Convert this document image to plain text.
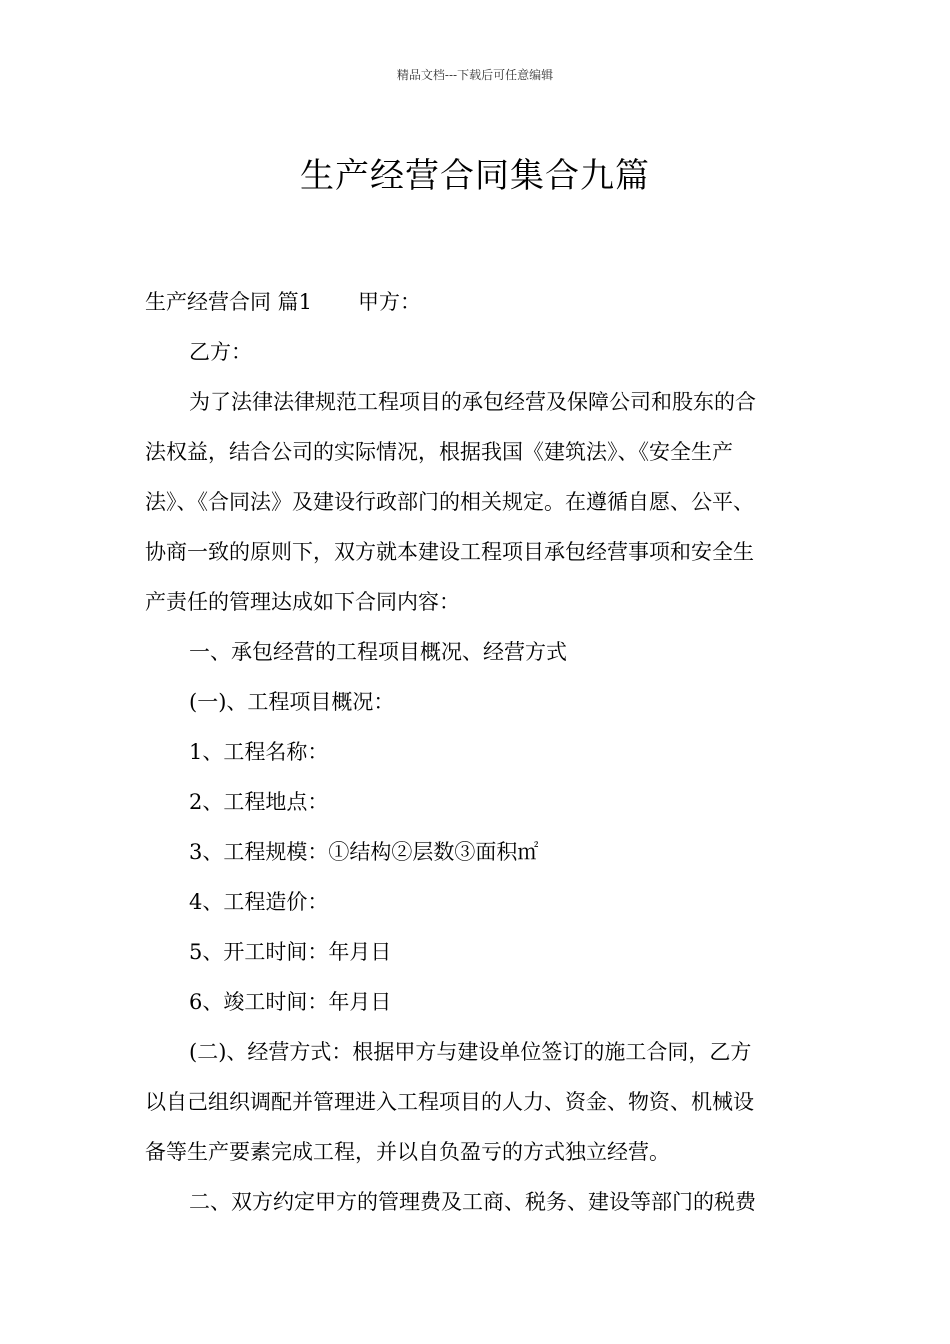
精品文档---下载后可任意编辑
生产经营合同集合九篇

生产经营合同 篇1 甲方：

乙方：

为了法律法律规范工程项目的承包经营及保障公司和股东的合

法权益，结合公司的实际情况，根据我国《建筑法》、《安全生产

法》、《合同法》及建设行政部门的相关规定。在遵循自愿、公平、

协商一致的原则下，双方就本建设工程项目承包经营事项和安全生

产责任的管理达成如下合同内容：

一、承包经营的工程项目概况、经营方式

(一)、工程项目概况：

1、工程名称：

2、工程地点：

3、工程规模：①结构②层数③面积㎡

4、工程造价：

5、开工时间：年月日

6、竣工时间：年月日

(二)、经营方式：根据甲方与建设单位签订的施工合同，乙方

以自己组织调配并管理进入工程项目的人力、资金、物资、机械设

备等生产要素完成工程，并以自负盈亏的方式独立经营。

二、双方约定甲方的管理费及工商、税务、建设等部门的税费
